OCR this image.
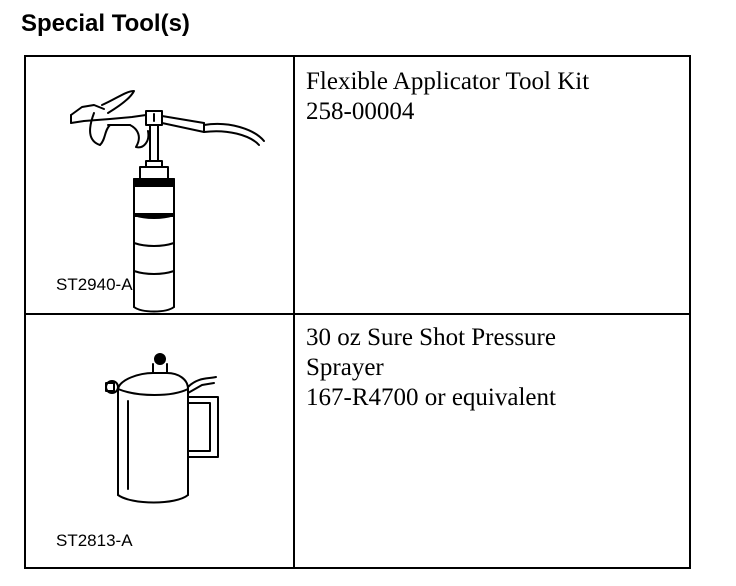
Special Tool(s)
ST2940-A
Flexible Applicator Tool Kit
258-00004
ST2813-A
30 oz Sure Shot Pressure
Sprayer
167-R4700 or equivalent
